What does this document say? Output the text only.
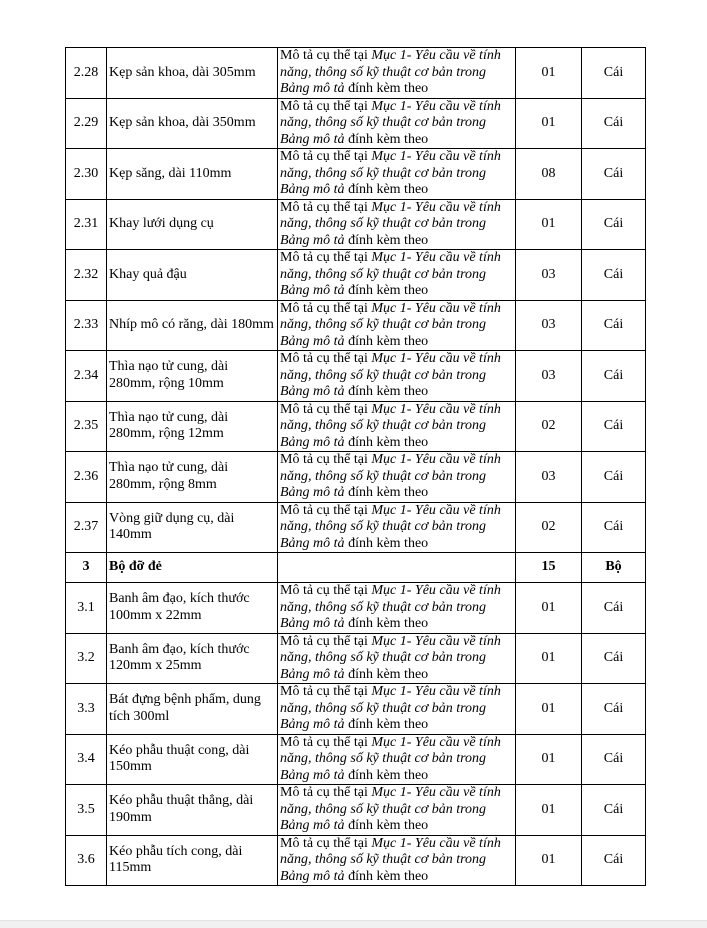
2.28	Kẹp sản khoa, dài 305mm	Mô tả cụ thể tại Mục 1- Yêu cầu về tính năng, thông số kỹ thuật cơ bản trong Bảng mô tả đính kèm theo	01	Cái
2.29	Kẹp sản khoa, dài 350mm	Mô tả cụ thể tại Mục 1- Yêu cầu về tính năng, thông số kỹ thuật cơ bản trong Bảng mô tả đính kèm theo	01	Cái
2.30	Kẹp săng, dài 110mm	Mô tả cụ thể tại Mục 1- Yêu cầu về tính năng, thông số kỹ thuật cơ bản trong Bảng mô tả đính kèm theo	08	Cái
2.31	Khay lưới dụng cụ	Mô tả cụ thể tại Mục 1- Yêu cầu về tính năng, thông số kỹ thuật cơ bản trong Bảng mô tả đính kèm theo	01	Cái
2.32	Khay quả đậu	Mô tả cụ thể tại Mục 1- Yêu cầu về tính năng, thông số kỹ thuật cơ bản trong Bảng mô tả đính kèm theo	03	Cái
2.33	Nhíp mô có răng, dài 180mm	Mô tả cụ thể tại Mục 1- Yêu cầu về tính năng, thông số kỹ thuật cơ bản trong Bảng mô tả đính kèm theo	03	Cái
2.34	Thìa nạo tử cung, dài 280mm, rộng 10mm	Mô tả cụ thể tại Mục 1- Yêu cầu về tính năng, thông số kỹ thuật cơ bản trong Bảng mô tả đính kèm theo	03	Cái
2.35	Thìa nạo tử cung, dài 280mm, rộng 12mm	Mô tả cụ thể tại Mục 1- Yêu cầu về tính năng, thông số kỹ thuật cơ bản trong Bảng mô tả đính kèm theo	02	Cái
2.36	Thìa nạo tử cung, dài 280mm, rộng 8mm	Mô tả cụ thể tại Mục 1- Yêu cầu về tính năng, thông số kỹ thuật cơ bản trong Bảng mô tả đính kèm theo	03	Cái
2.37	Vòng giữ dụng cụ, dài 140mm	Mô tả cụ thể tại Mục 1- Yêu cầu về tính năng, thông số kỹ thuật cơ bản trong Bảng mô tả đính kèm theo	02	Cái
3	Bộ đỡ đẻ		15	Bộ
3.1	Banh âm đạo, kích thước 100mm x 22mm	Mô tả cụ thể tại Mục 1- Yêu cầu về tính năng, thông số kỹ thuật cơ bản trong Bảng mô tả đính kèm theo	01	Cái
3.2	Banh âm đạo, kích thước 120mm x 25mm	Mô tả cụ thể tại Mục 1- Yêu cầu về tính năng, thông số kỹ thuật cơ bản trong Bảng mô tả đính kèm theo	01	Cái
3.3	Bát đựng bệnh phẩm, dung tích 300ml	Mô tả cụ thể tại Mục 1- Yêu cầu về tính năng, thông số kỹ thuật cơ bản trong Bảng mô tả đính kèm theo	01	Cái
3.4	Kéo phẫu thuật cong, dài 150mm	Mô tả cụ thể tại Mục 1- Yêu cầu về tính năng, thông số kỹ thuật cơ bản trong Bảng mô tả đính kèm theo	01	Cái
3.5	Kéo phẫu thuật thẳng, dài 190mm	Mô tả cụ thể tại Mục 1- Yêu cầu về tính năng, thông số kỹ thuật cơ bản trong Bảng mô tả đính kèm theo	01	Cái
3.6	Kéo phẫu tích cong, dài 115mm	Mô tả cụ thể tại Mục 1- Yêu cầu về tính năng, thông số kỹ thuật cơ bản trong Bảng mô tả đính kèm theo	01	Cái
